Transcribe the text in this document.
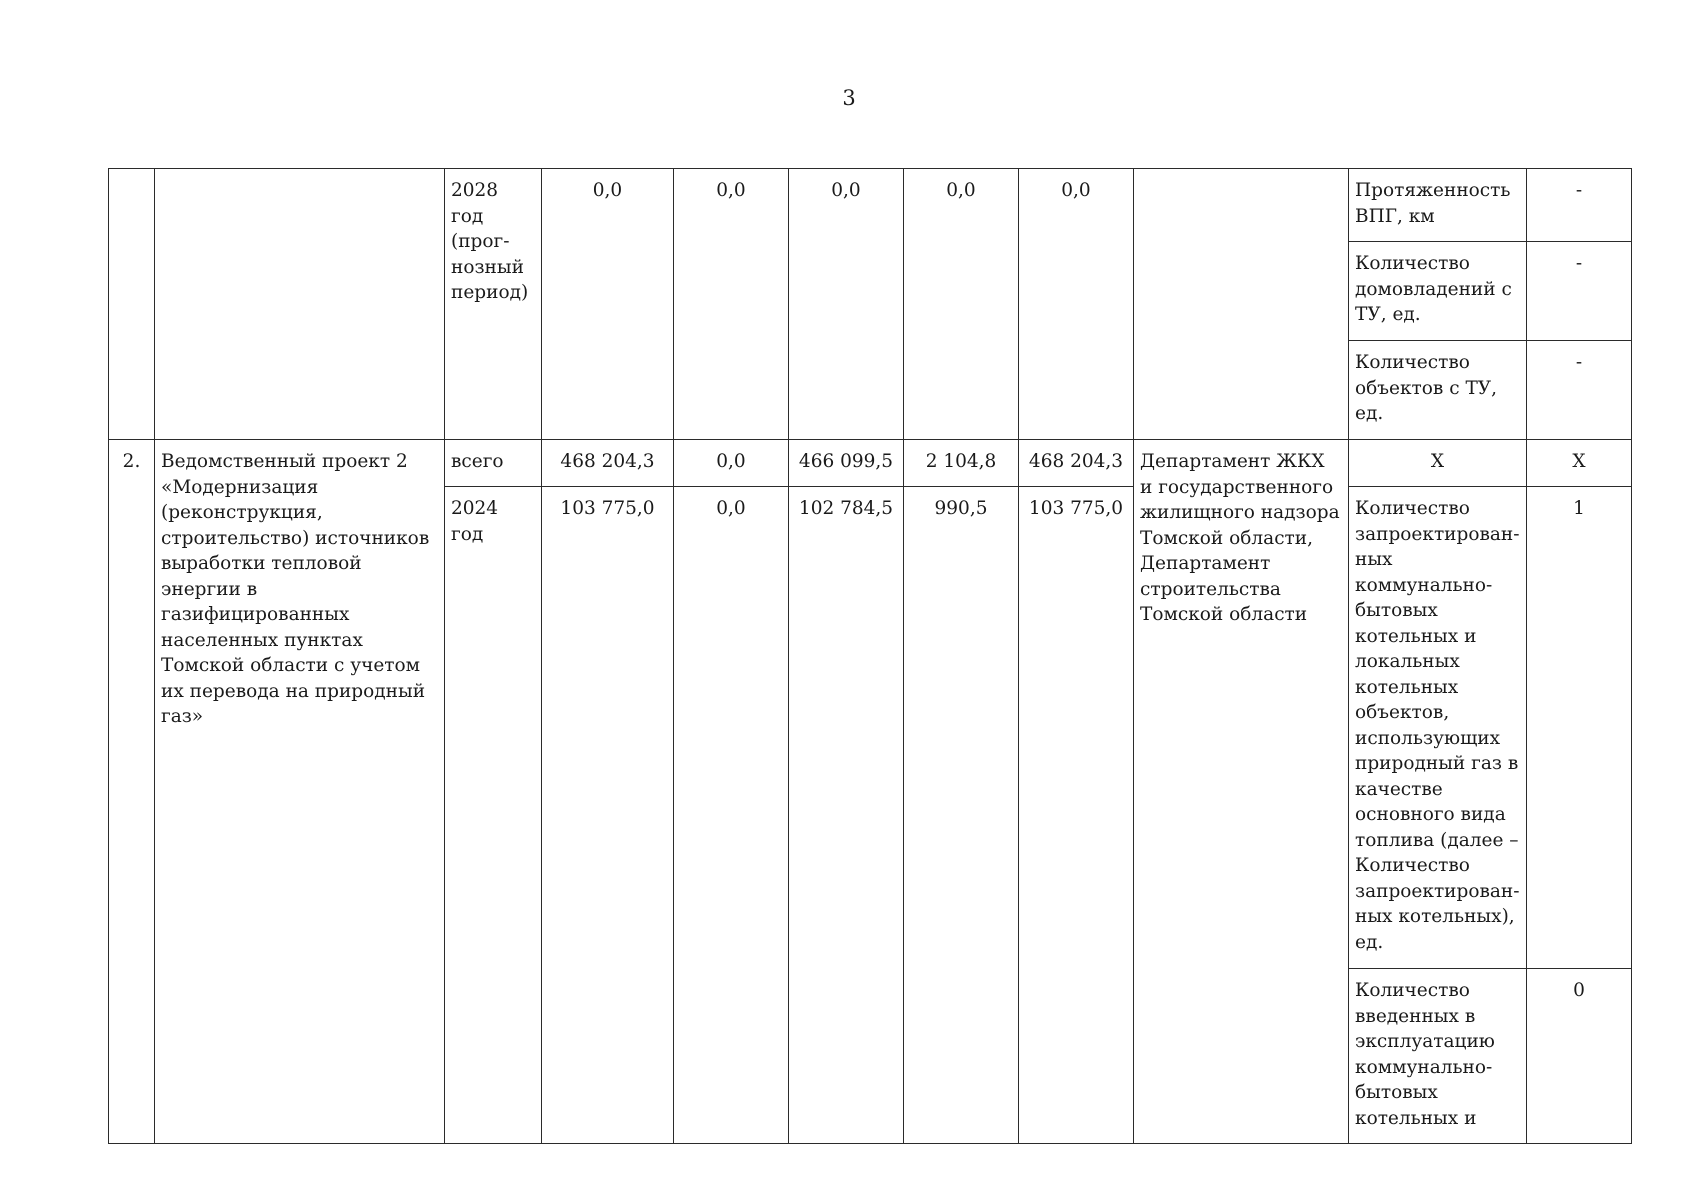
3
		2028 год (прог-нозный период)	0,0	0,0	0,0	0,0	0,0		Протяженность ВПГ, км	-
									Количество домовладений с ТУ, ед.	-
									Количество объектов с ТУ, ед.	-
2.	Ведомственный проект 2 «Модернизация (реконструкция, строительство) источников выработки тепловой энергии в газифицированных населенных пунктах Томской области с учетом их перевода на природный газ»	всего	468 204,3	0,0	466 099,5	2 104,8	468 204,3	Департамент ЖКХ и государственного жилищного надзора Томской области, Департамент строительства Томской области	Х	Х
		2024 год	103 775,0	0,0	102 784,5	990,5	103 775,0		Количество запроектирован-ных коммунально-бытовых котельных и локальных котельных объектов, использующих природный газ в качестве основного вида топлива (далее – Количество запроектирован-ных котельных), ед.	1
									Количество введенных в эксплуатацию коммунально-бытовых котельных и	0
